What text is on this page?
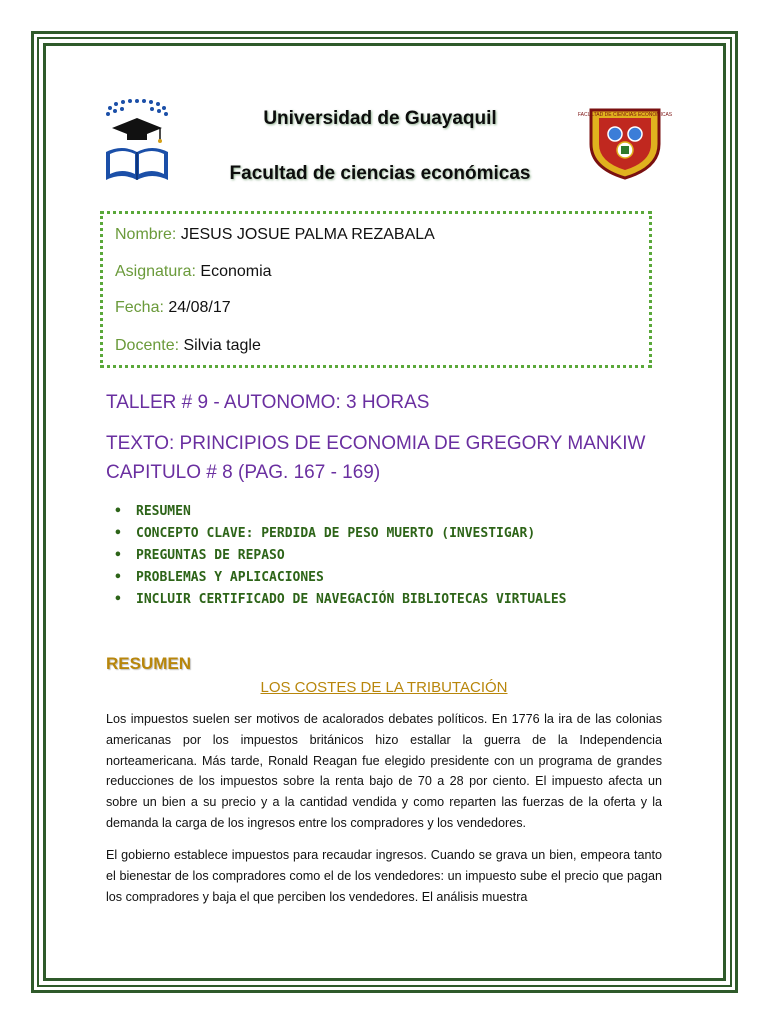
Universidad de Guayaquil
Facultad de ciencias económicas
FACULTAD DE CIENCIAS ECONOMICAS
Nombre: JESUS JOSUE PALMA REZABALA
Asignatura: Economia
Fecha: 24/08/17
Docente: Silvia tagle
TALLER # 9 - AUTONOMO: 3 HORAS
TEXTO: PRINCIPIOS DE ECONOMIA DE GREGORY MANKIW
CAPITULO # 8 (PAG. 167 - 169)
• RESUMEN
• CONCEPTO CLAVE: PERDIDA DE PESO MUERTO (INVESTIGAR)
• PREGUNTAS DE REPASO
• PROBLEMAS Y APLICACIONES
• INCLUIR CERTIFICADO DE NAVEGACIÓN BIBLIOTECAS VIRTUALES
RESUMEN
LOS COSTES DE LA TRIBUTACIÓN

Los impuestos suelen ser motivos de acalorados debates políticos. En 1776 la ira de las colonias americanas por los impuestos británicos hizo estallar la guerra de la Independencia norteamericana. Más tarde, Ronald Reagan fue elegido presidente con un programa de grandes reducciones de los impuestos sobre la renta bajo de 70 a 28 por ciento. El impuesto afecta un sobre un bien a su precio y a la cantidad vendida y como reparten las fuerzas de la oferta y la demanda la carga de los ingresos entre los compradores y los vendedores.

El gobierno establece impuestos para recaudar ingresos. Cuando se grava un bien, empeora tanto el bienestar de los compradores como el de los vendedores: un impuesto sube el precio que pagan los compradores y baja el que perciben los vendedores. El análisis muestra
